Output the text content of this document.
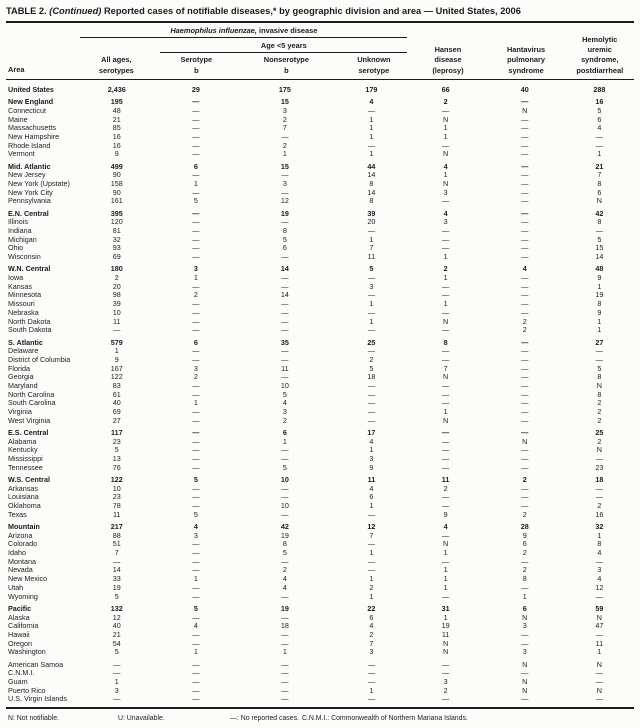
TABLE 2. (Continued) Reported cases of notifiable diseases,* by geographic division and area — United States, 2006
Area
Haemophilus influenzae, invasive disease
All ages,
serotypes
Age <5 years
Serotype
b
Nonserotype
b
Unknown
serotype
Hansen
disease
(leprosy)
Hantavirus
pulmonary
syndrome
Hemolytic
uremic
syndrome,
postdiarrheal
United States	2,436	29	175	179	66	40	288
New England	195	—	15	4	2	—	16
Connecticut	48	—	3	—	—	N	5
Maine	21	—	2	1	N	—	6
Massachusetts	85	—	7	1	1	—	4
New Hampshire	16	—	—	1	1	—	—
Rhode Island	16	—	2	—	—	—	—
Vermont	9	—	1	1	N	—	1
Mid. Atlantic	499	6	15	44	4	—	21
New Jersey	90	—	—	14	1	—	7
New York (Upstate)	158	1	3	8	N	—	8
New York City	90	—	—	14	3	—	6
Pennsylvania	161	5	12	8	—	—	N
E.N. Central	395	—	19	39	4	—	42
Illinois	120	—	—	20	3	—	8
Indiana	81	—	8	—	—	—	—
Michigan	32	—	5	1	—	—	5
Ohio	93	—	6	7	—	—	15
Wisconsin	69	—	—	11	1	—	14
W.N. Central	180	3	14	5	2	4	48
Iowa	2	1	—	—	1	—	9
Kansas	20	—	—	3	—	—	1
Minnesota	98	2	14	—	—	—	19
Missouri	39	—	—	1	1	—	8
Nebraska	10	—	—	—	—	—	9
North Dakota	11	—	—	1	N	2	1
South Dakota	—	—	—	—	—	2	1
S. Atlantic	579	6	35	25	8	—	27
Delaware	1	—	—	—	—	—	—
District of Columbia	9	—	—	2	—	—	—
Florida	167	3	11	5	7	—	5
Georgia	122	2	—	18	N	—	8
Maryland	83	—	10	—	—	—	N
North Carolina	61	—	5	—	—	—	8
South Carolina	40	1	4	—	—	—	2
Virginia	69	—	3	—	1	—	2
West Virginia	27	—	2	—	N	—	2
E.S. Central	117	—	6	17	—	—	25
Alabama	23	—	1	4	—	N	2
Kentucky	5	—	—	1	—	—	N
Mississippi	13	—	—	3	—	—	—
Tennessee	76	—	5	9	—	—	23
W.S. Central	122	5	10	11	11	2	18
Arkansas	10	—	—	4	2	—	—
Louisiana	23	—	—	6	—	—	—
Oklahoma	78	—	10	1	—	—	2
Texas	11	5	—	—	9	2	16
Mountain	217	4	42	12	4	28	32
Arizona	88	3	19	7	—	9	1
Colorado	51	—	8	—	N	6	8
Idaho	7	—	5	1	1	2	4
Montana	—	—	—	—	—	—	—
Nevada	14	—	2	—	1	2	3
New Mexico	33	1	4	1	1	8	4
Utah	19	—	4	2	1	—	12
Wyoming	5	—	—	1	—	1	—
Pacific	132	5	19	22	31	6	59
Alaska	12	—	—	6	1	N	N
California	40	4	18	4	19	3	47
Hawaii	21	—	—	2	11	—	—
Oregon	54	—	—	7	N	—	11
Washington	5	1	1	3	N	3	1
American Samoa	—	—	—	—	—	N	N
C.N.M.I.	—	—	—	—	—	—	—
Guam	1	—	—	—	3	N	—
Puerto Rico	3	—	—	1	2	N	N
U.S. Virgin Islands	—	—	—	—	—	—	—
N: Not notifiable.	U: Unavailable.	—: No reported cases. C.N.M.I.: Commonwealth of Northern Mariana Islands.
